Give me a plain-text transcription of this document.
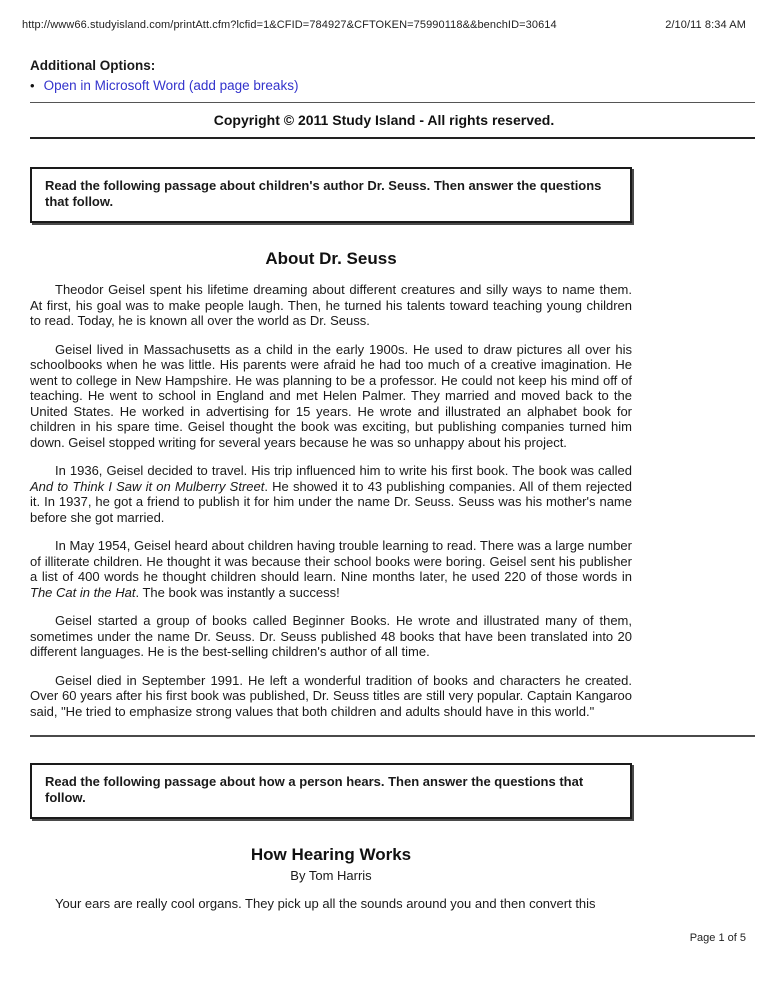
http://www66.studyisland.com/printAtt.cfm?lcfid=1&CFID=784927&CFTOKEN=75990118&&benchID=30614	2/10/11 8:34 AM
Additional Options:
• Open in Microsoft Word (add page breaks)
Copyright © 2011 Study Island - All rights reserved.
Read the following passage about children's author Dr. Seuss. Then answer the questions that follow.
About Dr. Seuss

Theodor Geisel spent his lifetime dreaming about different creatures and silly ways to name them. At first, his goal was to make people laugh. Then, he turned his talents toward teaching young children to read. Today, he is known all over the world as Dr. Seuss.

Geisel lived in Massachusetts as a child in the early 1900s. He used to draw pictures all over his schoolbooks when he was little. His parents were afraid he had too much of a creative imagination. He went to college in New Hampshire. He was planning to be a professor. He could not keep his mind off of teaching. He went to school in England and met Helen Palmer. They married and moved back to the United States. He worked in advertising for 15 years. He wrote and illustrated an alphabet book for children in his spare time. Geisel thought the book was exciting, but publishing companies turned him down. Geisel stopped writing for several years because he was so unhappy about his project.

In 1936, Geisel decided to travel. His trip influenced him to write his first book. The book was called And to Think I Saw it on Mulberry Street. He showed it to 43 publishing companies. All of them rejected it. In 1937, he got a friend to publish it for him under the name Dr. Seuss. Seuss was his mother's name before she got married.

In May 1954, Geisel heard about children having trouble learning to read. There was a large number of illiterate children. He thought it was because their school books were boring. Geisel sent his publisher a list of 400 words he thought children should learn. Nine months later, he used 220 of those words in The Cat in the Hat. The book was instantly a success!

Geisel started a group of books called Beginner Books. He wrote and illustrated many of them, sometimes under the name Dr. Seuss. Dr. Seuss published 48 books that have been translated into 20 different languages. He is the best-selling children's author of all time.

Geisel died in September 1991. He left a wonderful tradition of books and characters he created. Over 60 years after his first book was published, Dr. Seuss titles are still very popular. Captain Kangaroo said, "He tried to emphasize strong values that both children and adults should have in this world."

Read the following passage about how a person hears. Then answer the questions that follow.
How Hearing Works
By Tom Harris

Your ears are really cool organs. They pick up all the sounds around you and then convert this

Page 1 of 5
